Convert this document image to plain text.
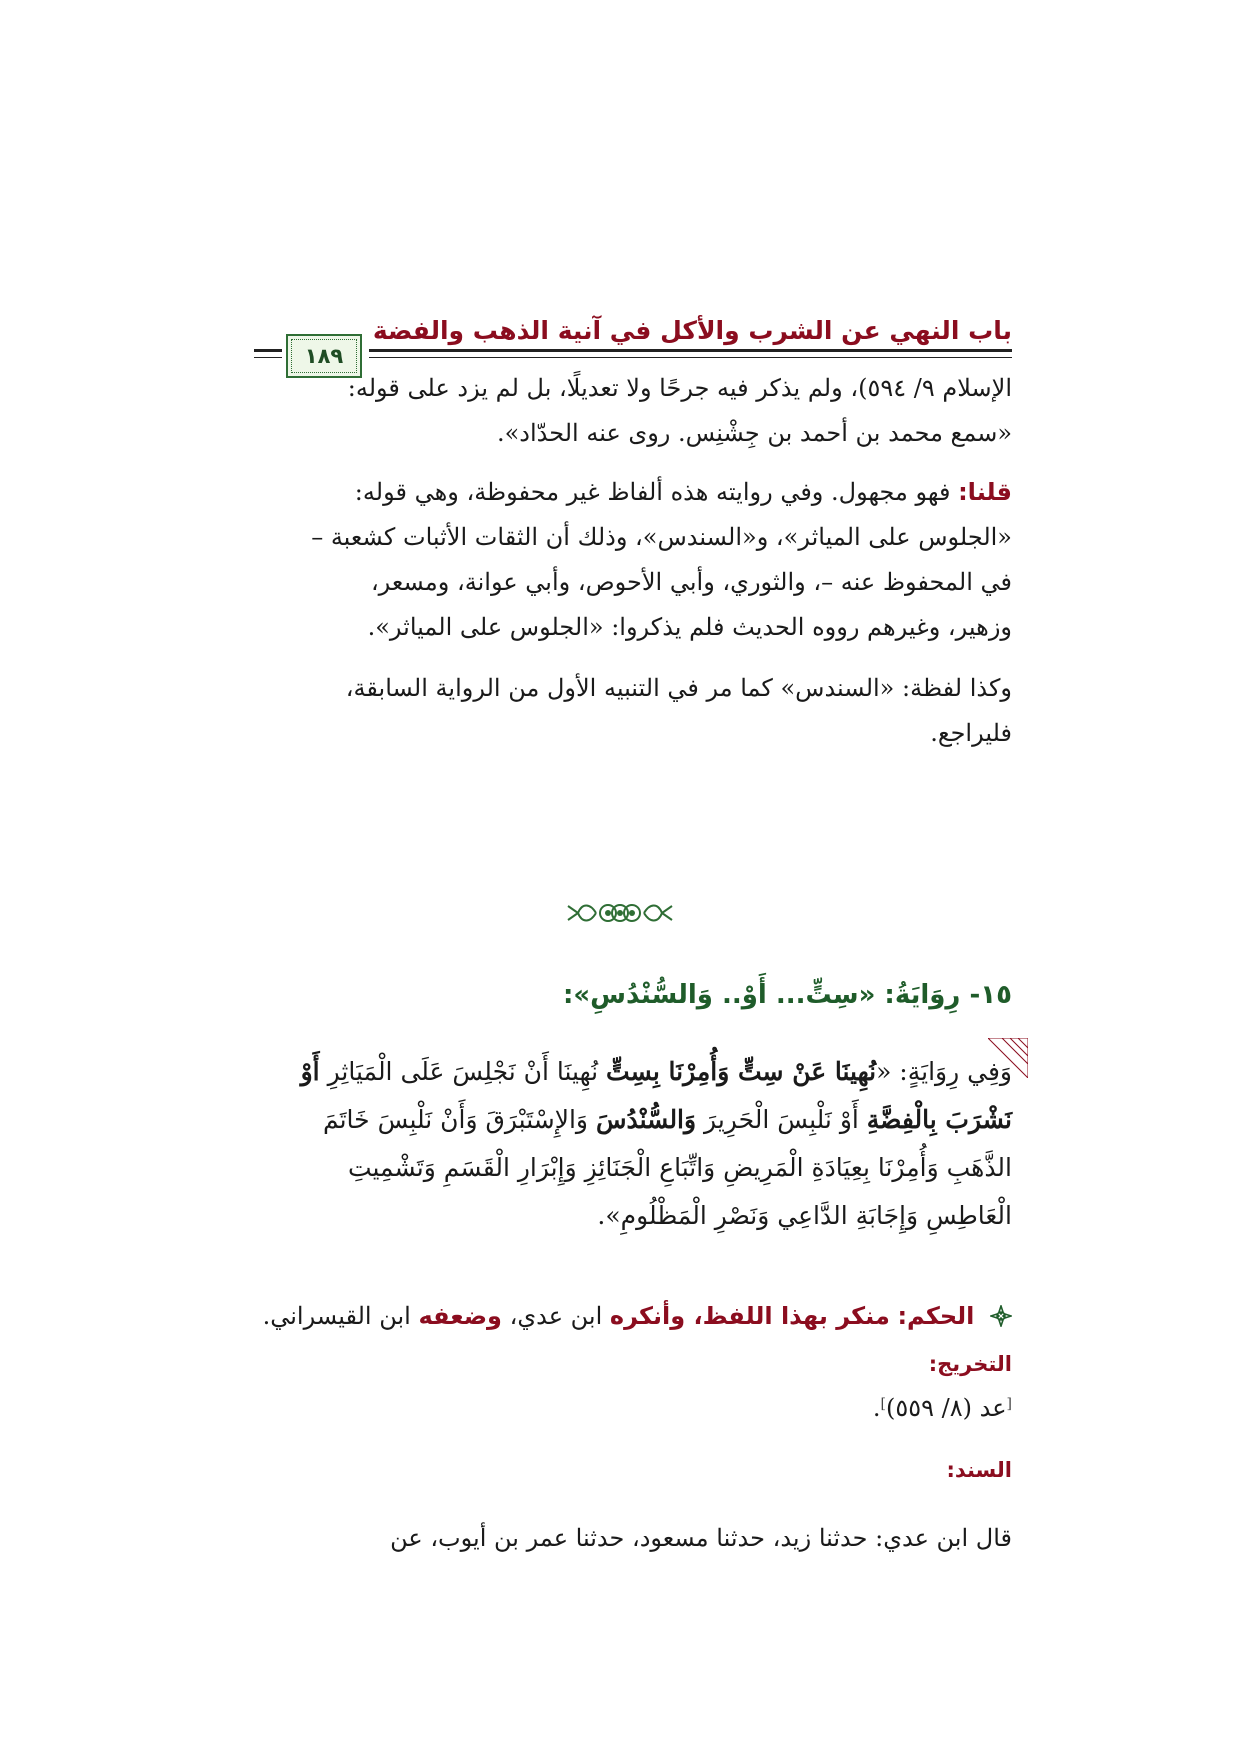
باب النهي عن الشرب والأكل في آنية الذهب والفضة
١٨٩
الإسلام ٩/ ٥٩٤)، ولم يذكر فيه جرحًا ولا تعديلًا، بل لم يزد على قوله:
«سمع محمد بن أحمد بن جِشْنِس. روى عنه الحدّاد».
قلنا: فهو مجهول. وفي روايته هذه ألفاظ غير محفوظة، وهي قوله:
«الجلوس على المياثر»، و«السندس»، وذلك أن الثقات الأثبات كشعبة –
في المحفوظ عنه –، والثوري، وأبي الأحوص، وأبي عوانة، ومسعر،
وزهير، وغيرهم رووه الحديث فلم يذكروا: «الجلوس على المياثر».
وكذا لفظة: «السندس» كما مر في التنبيه الأول من الرواية السابقة،
فليراجع.
١٥- رِوَايَةُ: «سِتٍّ... أَوْ.. وَالسُّنْدُسِ»:
وَفِي رِوَايَةٍ: «نُهِينَا عَنْ سِتٍّ وَأُمِرْنَا بِسِتٍّ نُهِينَا أَنْ نَجْلِسَ عَلَى الْمَيَاثِرِ أَوْ
نَشْرَبَ بِالْفِضَّةِ أَوْ نَلْبِسَ الْحَرِيرَ وَالسُّنْدُسَ وَالإِسْتَبْرَقَ وَأَنْ نَلْبِسَ خَاتَمَ
الذَّهَبِ وَأُمِرْنَا بِعِيَادَةِ الْمَرِيضِ وَاتِّبَاعِ الْجَنَائِزِ وَإِبْرَارِ الْقَسَمِ وَتَشْمِيتِ
الْعَاطِسِ وَإِجَابَةِ الدَّاعِي وَنَصْرِ الْمَظْلُومِ».
الحكم: منكر بهذا اللفظ، وأنكره ابن عدي، وضعفه ابن القيسراني.
التخريج:
[عد (٨/ ٥٥٩)].
السند:
قال ابن عدي: حدثنا زيد، حدثنا مسعود، حدثنا عمر بن أيوب، عن
